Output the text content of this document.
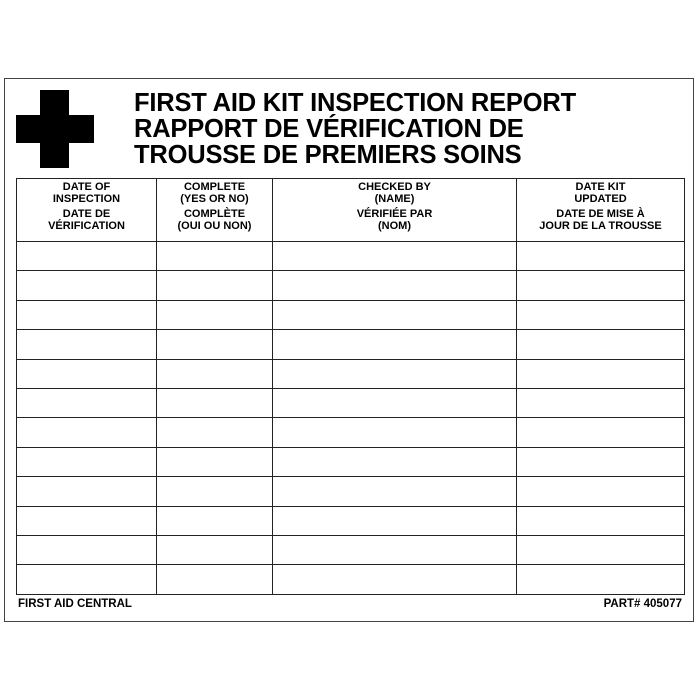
FIRST AID KIT INSPECTION REPORT
RAPPORT DE VÉRIFICATION DE
TROUSSE DE PREMIERS SOINS
DATE OF
INSPECTION
DATE DE
VÉRIFICATION	COMPLETE
(YES OR NO)
COMPLÈTE
(OUI OU NON)	CHECKED BY
(NAME)
VÉRIFIÉE PAR
(NOM)	DATE KIT
UPDATED
DATE DE MISE À
JOUR DE LA TROUSSE

FIRST AID CENTRAL	PART# 405077
